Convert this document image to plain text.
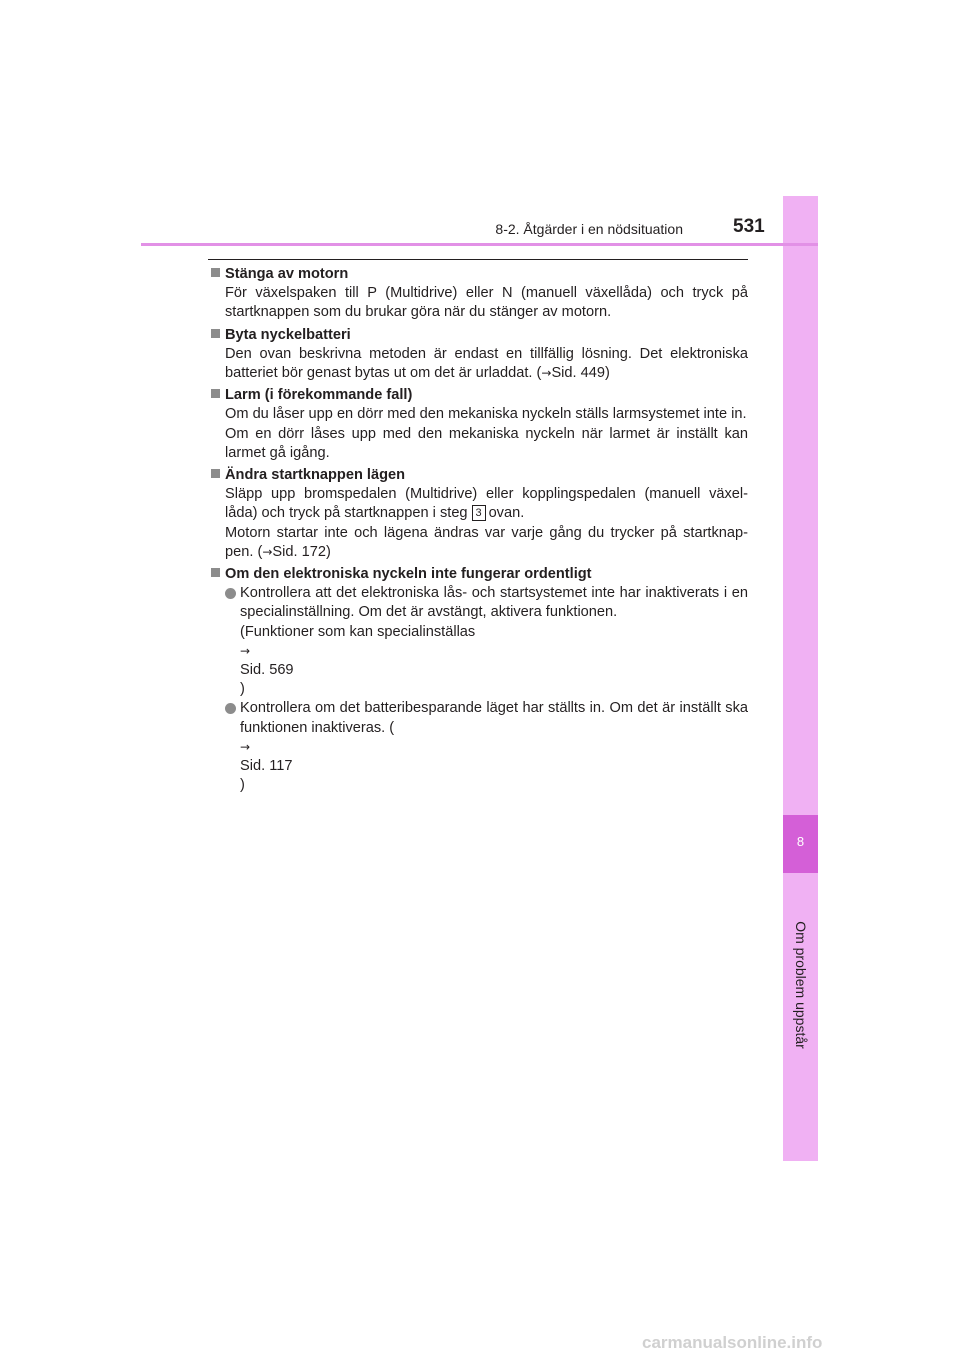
8
Om problem uppstår
8-2. Åtgärder i en nödsituation	531
Stänga av motorn
För växelspaken till P (Multidrive) eller N (manuell växellåda) och tryck på startknappen som du brukar göra när du stänger av motorn.
Byta nyckelbatteri
Den ovan beskrivna metoden är endast en tillfällig lösning. Det elektroniska batteriet bör genast bytas ut om det är urladdat. (→Sid. 449)
Larm (i förekommande fall)
Om du låser upp en dörr med den mekaniska nyckeln ställs larmsystemet inte in.
Om en dörr låses upp med den mekaniska nyckeln när larmet är inställt kan larmet gå igång.
Ändra startknappen lägen
Släpp upp bromspedalen (Multidrive) eller kopplingspedalen (manuell växel-låda) och tryck på startknappen i steg 3 ovan.
Motorn startar inte och lägena ändras var varje gång du trycker på startknap-pen. (→Sid. 172)
Om den elektroniska nyckeln inte fungerar ordentligt
Kontrollera att det elektroniska lås- och startsystemet inte har inaktiverats i en specialinställning. Om det är avstängt, aktivera funktionen.
(Funktioner som kan specialinställas
→
Sid. 569
)
Kontrollera om det batteribesparande läget har ställts in. Om det är inställt ska funktionen inaktiveras. (
→
Sid. 117
)
carmanualsonline.info
